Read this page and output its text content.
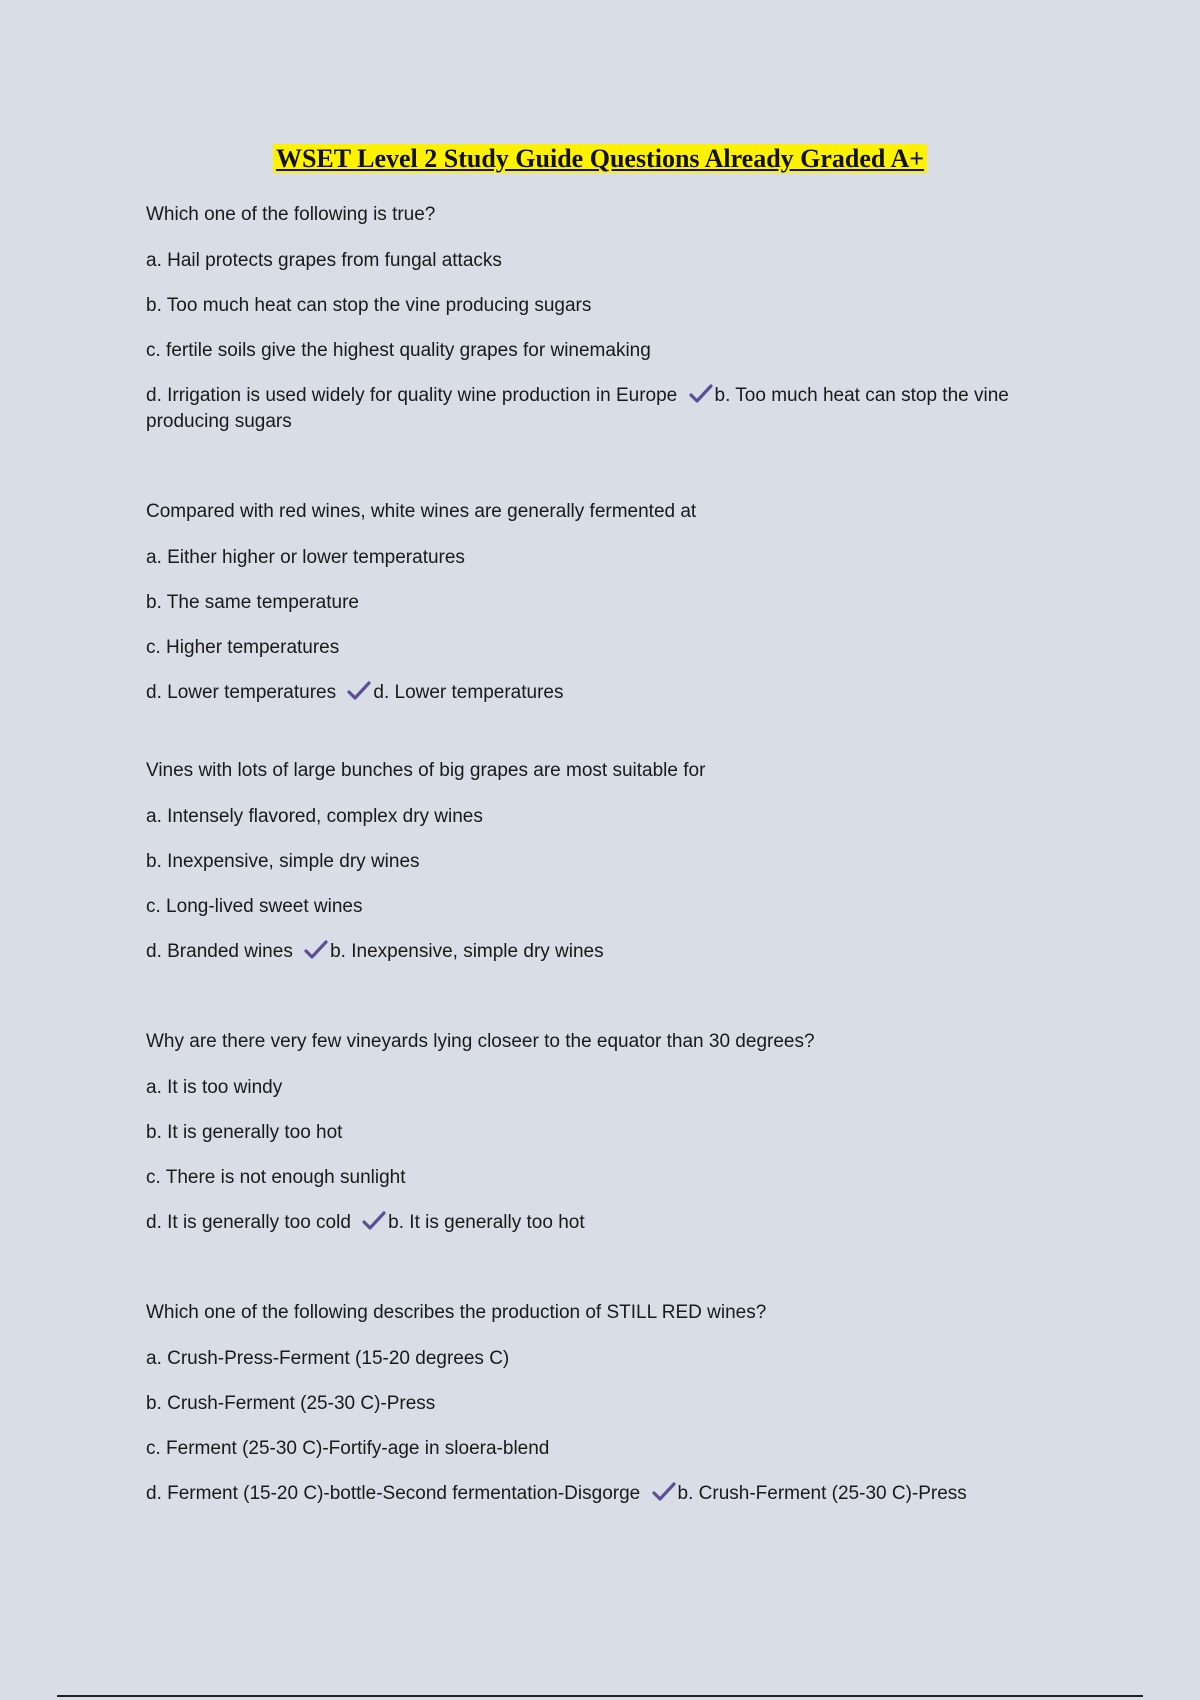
WSET Level 2 Study Guide Questions Already Graded A+
Which one of the following is true?
a. Hail protects grapes from fungal attacks
b. Too much heat can stop the vine producing sugars
c. fertile soils give the highest quality grapes for winemaking
d. Irrigation is used widely for quality wine production in Europe b. Too much heat can stop the vine producing sugars
Compared with red wines, white wines are generally fermented at
a. Either higher or lower temperatures
b. The same temperature
c. Higher temperatures
d. Lower temperatures d. Lower temperatures
Vines with lots of large bunches of big grapes are most suitable for
a. Intensely flavored, complex dry wines
b. Inexpensive, simple dry wines
c. Long-lived sweet wines
d. Branded wines b. Inexpensive, simple dry wines
Why are there very few vineyards lying closeer to the equator than 30 degrees?
a. It is too windy
b. It is generally too hot
c. There is not enough sunlight
d. It is generally too cold b. It is generally too hot
Which one of the following describes the production of STILL RED wines?
a. Crush-Press-Ferment (15-20 degrees C)
b. Crush-Ferment (25-30 C)-Press
c. Ferment (25-30 C)-Fortify-age in sloera-blend
d. Ferment (15-20 C)-bottle-Second fermentation-Disgorge b. Crush-Ferment (25-30 C)-Press
